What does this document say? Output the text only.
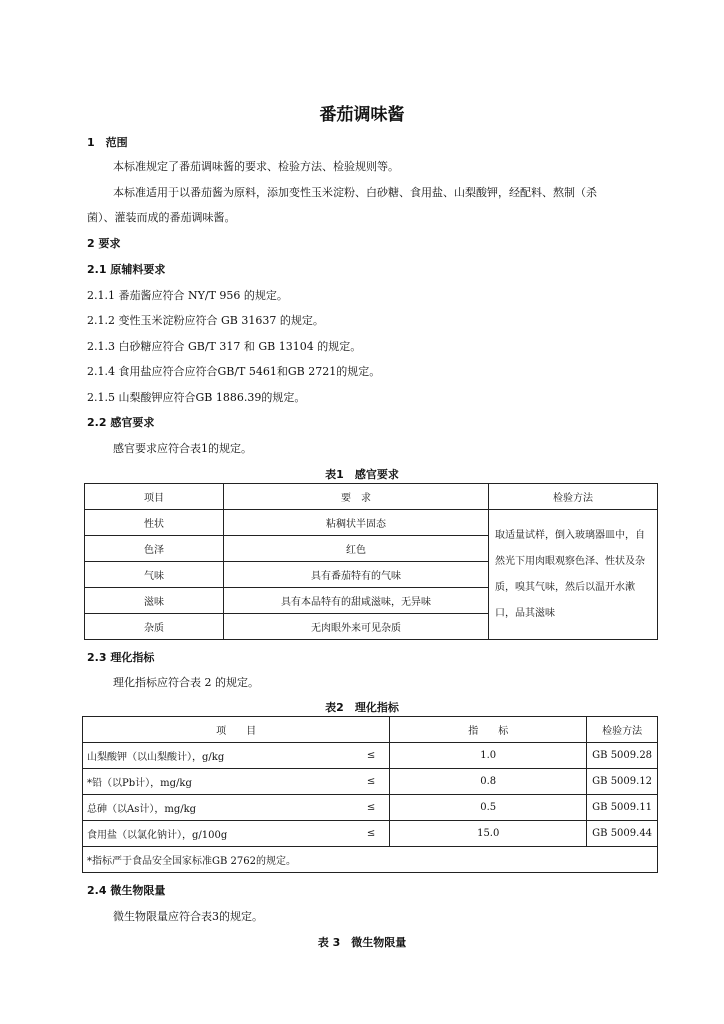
番茄调味酱
1　范围
本标准规定了番茄调味酱的要求、检验方法、检验规则等。
本标准适用于以番茄酱为原料，添加变性玉米淀粉、白砂糖、食用盐、山梨酸钾，经配料、熬制（杀
菌）、灌装而成的番茄调味酱。
2 要求
2.1 原辅料要求
2.1.1 番茄酱应符合 NY/T 956 的规定。
2.1.2 变性玉米淀粉应符合 GB 31637 的规定。
2.1.3 白砂糖应符合 GB/T 317 和 GB 13104 的规定。
2.1.4 食用盐应符合应符合GB/T 5461和GB 2721的规定。
2.1.5 山梨酸钾应符合GB 1886.39的规定。
2.2 感官要求
感官要求应符合表1的规定。
表1　感官要求
项目	要　求	检验方法
性状	粘稠状半固态	取适量试样，倒入玻璃器皿中，自然光下用肉眼观察色泽、性状及杂质，嗅其气味，然后以温开水漱口，品其滋味
色泽	红色	
气味	具有番茄特有的气味	
滋味	具有本品特有的甜咸滋味，无异味	
杂质	无肉眼外来可见杂质	
2.3 理化指标
理化指标应符合表 2 的规定。
表2　理化指标
项　　目		指　　标	检验方法
山梨酸钾（以山梨酸计），g/kg	≤	1.0	GB 5009.28
*铅（以Pb计），mg/kg	≤	0.8	GB 5009.12
总砷（以As计），mg/kg	≤	0.5	GB 5009.11
食用盐（以氯化钠计），g/100g	≤	15.0	GB 5009.44
*指标严于食品安全国家标准GB 2762的规定。			
2.4 微生物限量
微生物限量应符合表3的规定。
表 3　微生物限量
